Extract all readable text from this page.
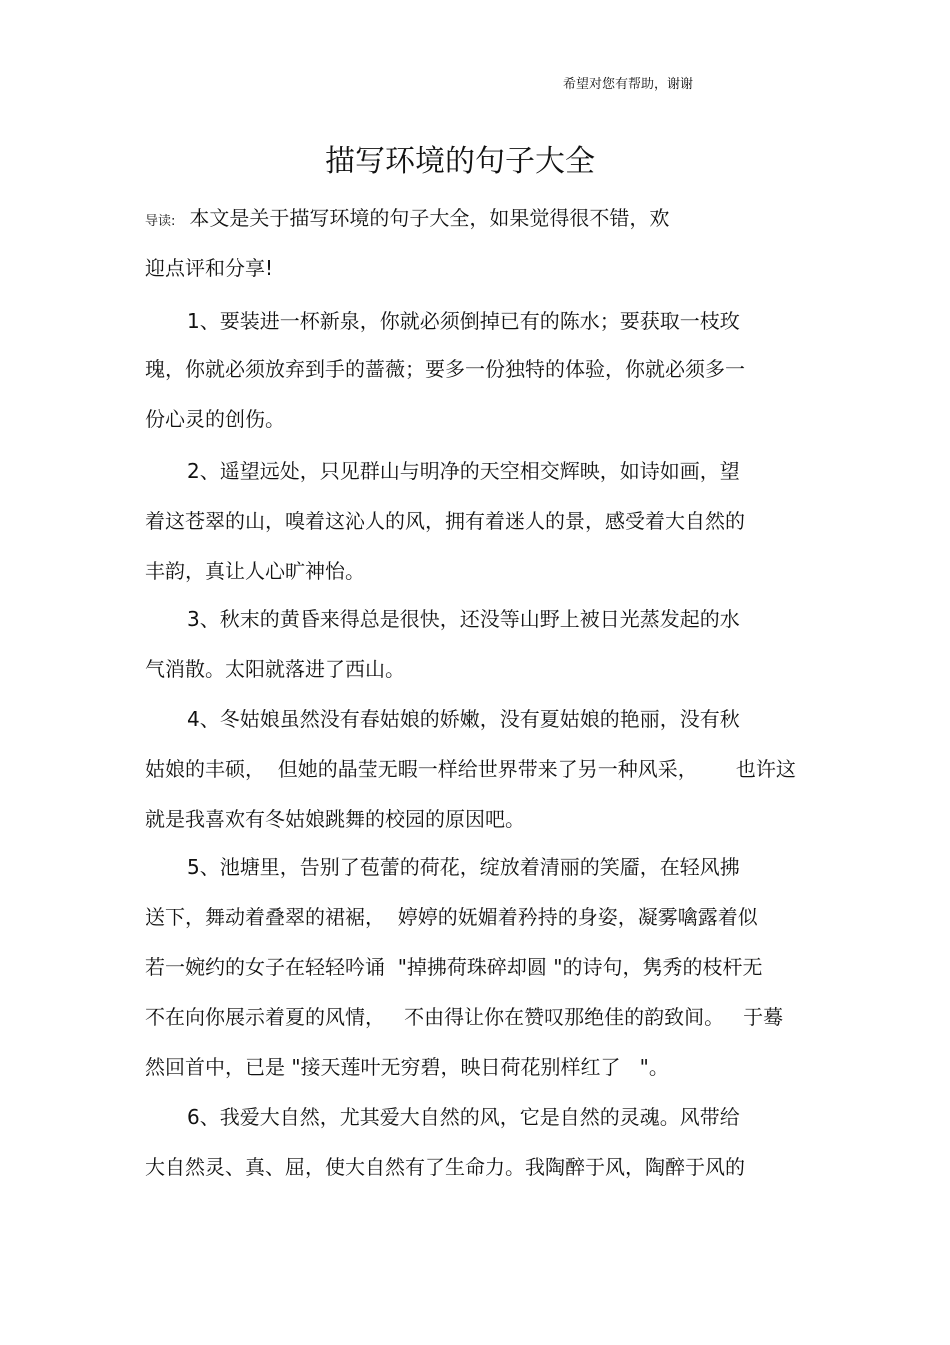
希望对您有帮助，谢谢
描写环境的句子大全
导读: 本文是关于描写环境的句子大全，如果觉得很不错，欢
迎点评和分享!
1、要装进一杯新泉，你就必须倒掉已有的陈水；要获取一枝玫
瑰，你就必须放弃到手的蔷薇；要多一份独特的体验，你就必须多一
份心灵的创伤。
2、遥望远处，只见群山与明净的天空相交辉映，如诗如画，望
着这苍翠的山，嗅着这沁人的风，拥有着迷人的景，感受着大自然的
丰韵，真让人心旷神怡。
3、秋末的黄昏来得总是很快，还没等山野上被日光蒸发起的水
气消散。太阳就落进了西山。
4、冬姑娘虽然没有春姑娘的娇嫩，没有夏姑娘的艳丽，没有秋
姑娘的丰硕，  但她的晶莹无暇一样给世界带来了另一种风采，      也许这
就是我喜欢有冬姑娘跳舞的校园的原因吧。
5、池塘里，告别了苞蕾的荷花，绽放着清丽的笑靥，在轻风拂
送下，舞动着叠翠的裙裾，  婷婷的妩媚着矜持的身姿，凝雾噙露着似
若一婉约的女子在轻轻吟诵  "掉拂荷珠碎却圆 "的诗句，隽秀的枝杆无
不在向你展示着夏的风情，   不由得让你在赞叹那绝佳的韵致间。   于蓦
然回首中，已是 "接天莲叶无穷碧，映日荷花别样红了   "。
6、我爱大自然，尤其爱大自然的风，它是自然的灵魂。风带给
大自然灵、真、屈，使大自然有了生命力。我陶醉于风，陶醉于风的
